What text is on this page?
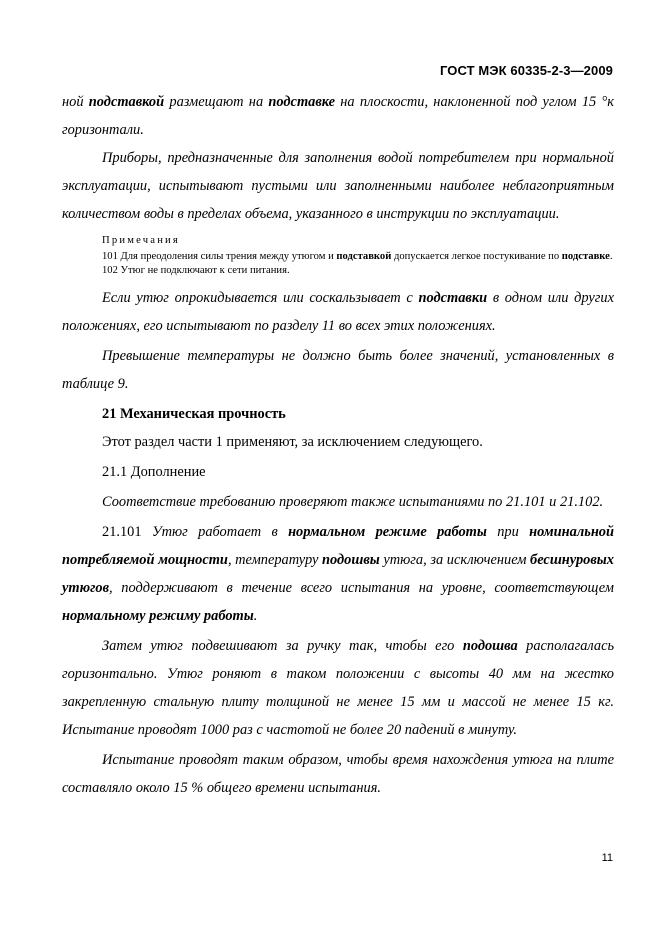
ГОСТ МЭК 60335-2-3—2009

ной подставкой размещают на подставке на плоскости, наклоненной под углом 15 °к горизонтали.

Приборы, предназначенные для заполнения водой потребителем при нормальной эксплуатации, испытывают пустыми или заполненными наиболее неблагоприятным количеством воды в пределах объема, указанного в инструкции по эксплуатации.

Примечания
101 Для преодоления силы трения между утюгом и подставкой допускается легкое постукивание по подставке.
102 Утюг не подключают к сети питания.

Если утюг опрокидывается или соскальзывает с подставки в одном или других положениях, его испытывают по разделу 11 во всех этих положениях.

Превышение температуры не должно быть более значений, установленных в таблице 9.

21 Механическая прочность

Этот раздел части 1 применяют, за исключением следующего.

21.1 Дополнение

Соответствие требованию проверяют также испытаниями по 21.101 и 21.102.

21.101 Утюг работает в нормальном режиме работы при номинальной потребляемой мощности, температуру подошвы утюга, за исключением бесшнуровых утюгов, поддерживают в течение всего испытания на уровне, соответствующем нормальному режиму работы.

Затем утюг подвешивают за ручку так, чтобы его подошва располагалась горизонтально. Утюг роняют в таком положении с высоты 40 мм на жестко закрепленную стальную плиту толщиной не менее 15 мм и массой не менее 15 кг. Испытание проводят 1000 раз с частотой не более 20 падений в минуту.

Испытание проводят таким образом, чтобы время нахождения утюга на плите составляло около 15 % общего времени испытания.

11
